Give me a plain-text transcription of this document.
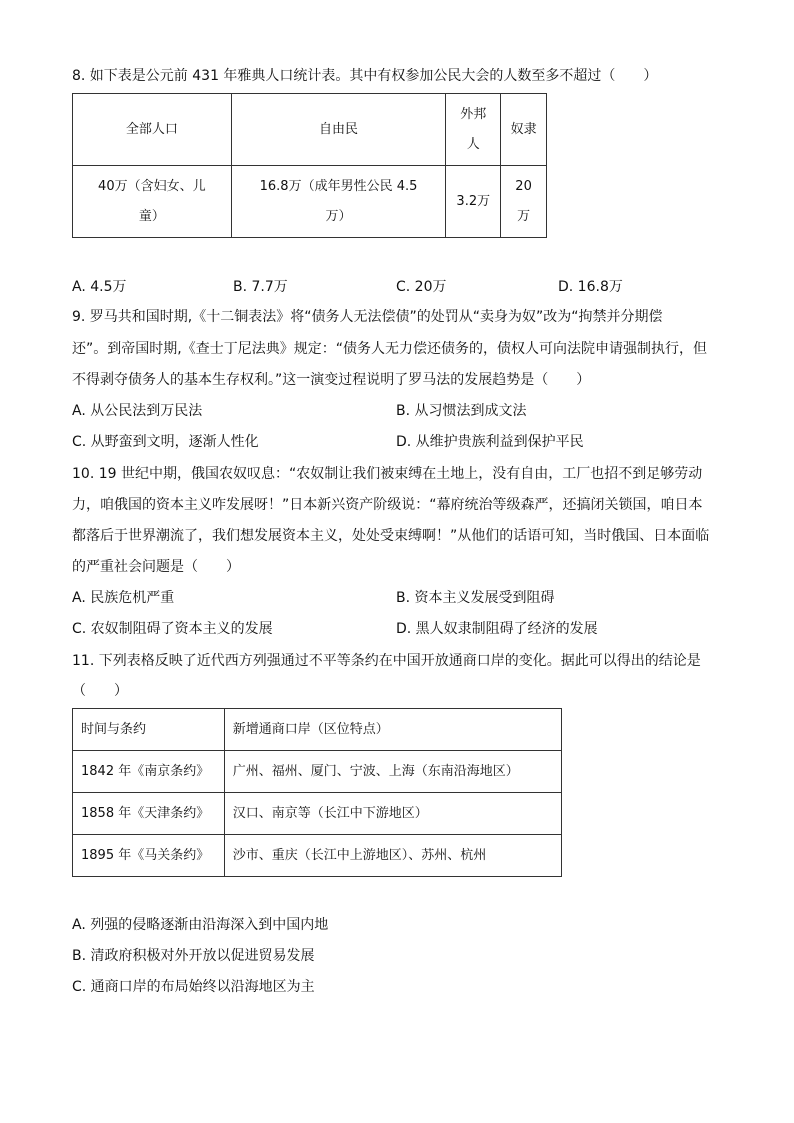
8. 如下表是公元前 431 年雅典人口统计表。其中有权参加公民大会的人数至多不超过（　　）
全部人口	自由民	外邦人	奴隶
40万（含妇女、儿童）	16.8万（成年男性公民 4.5 万）	3.2万	20万
A. 4.5万	B. 7.7万	C. 20万	D. 16.8万
9. 罗马共和国时期,《十二铜表法》将“债务人无法偿债”的处罚从“卖身为奴”改为“拘禁并分期偿
还”。到帝国时期,《查士丁尼法典》规定：“债务人无力偿还债务的，债权人可向法院申请强制执行，但
不得剥夺债务人的基本生存权利。”这一演变过程说明了罗马法的发展趋势是（　　）
A. 从公民法到万民法	B. 从习惯法到成文法
C. 从野蛮到文明，逐渐人性化	D. 从维护贵族利益到保护平民
10. 19 世纪中期，俄国农奴叹息：“农奴制让我们被束缚在土地上，没有自由，工厂也招不到足够劳动
力，咱俄国的资本主义咋发展呀！”日本新兴资产阶级说：“幕府统治等级森严，还搞闭关锁国，咱日本
都落后于世界潮流了，我们想发展资本主义，处处受束缚啊！”从他们的话语可知，当时俄国、日本面临
的严重社会问题是（　　）
A. 民族危机严重	B. 资本主义发展受到阻碍
C. 农奴制阻碍了资本主义的发展	D. 黑人奴隶制阻碍了经济的发展
11. 下列表格反映了近代西方列强通过不平等条约在中国开放通商口岸的变化。据此可以得出的结论是
（　　）
时间与条约	新增通商口岸（区位特点）
1842 年《南京条约》	广州、福州、厦门、宁波、上海（东南沿海地区）
1858 年《天津条约》	汉口、南京等（长江中下游地区）
1895 年《马关条约》	沙市、重庆（长江中上游地区）、苏州、杭州
A. 列强的侵略逐渐由沿海深入到中国内地
B. 清政府积极对外开放以促进贸易发展
C. 通商口岸的布局始终以沿海地区为主
